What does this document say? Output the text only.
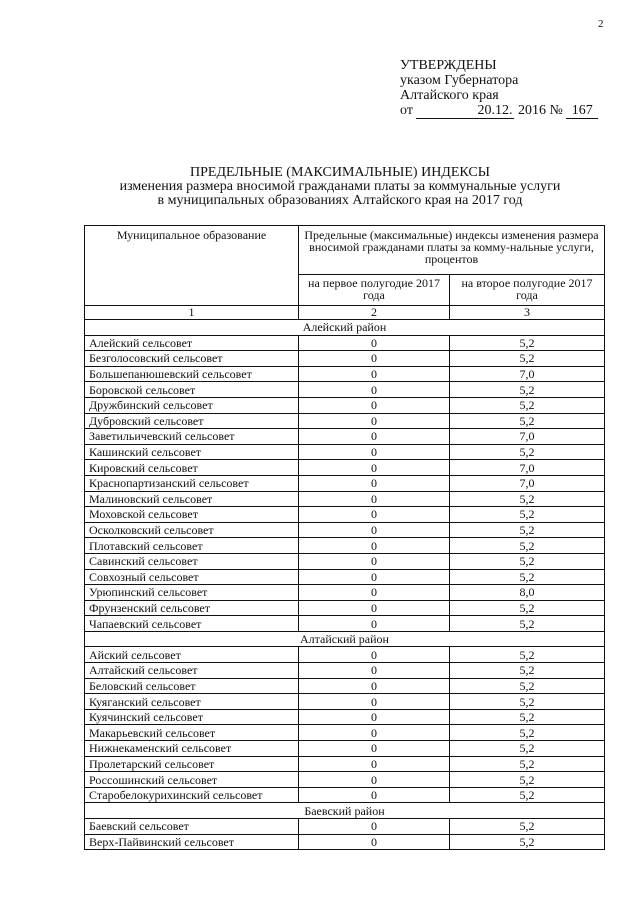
2
УТВЕРЖДЕНЫ
указом Губернатора
Алтайского края
от	20.12. 2016 № 167
ПРЕДЕЛЬНЫЕ (МАКСИМАЛЬНЫЕ) ИНДЕКСЫ
изменения размера вносимой гражданами платы за коммунальные услуги
в муниципальных образованиях Алтайского края на 2017 год
Муниципальное образование	Предельные (максимальные) индексы изменения размера вносимой гражданами платы за комму-нальные услуги, процентов	
	на первое полугодие 2017 года	на второе полугодие 2017 года
1	2	3
Алейский район		
Алейский сельсовет	0	5,2
Безголосовский сельсовет	0	5,2
Большепанюшевский сельсовет	0	7,0
Боровской сельсовет	0	5,2
Дружбинский сельсовет	0	5,2
Дубровский сельсовет	0	5,2
Заветильичевский сельсовет	0	7,0
Кашинский сельсовет	0	5,2
Кировский сельсовет	0	7,0
Краснопартизанский сельсовет	0	7,0
Малиновский сельсовет	0	5,2
Моховской сельсовет	0	5,2
Осколковский сельсовет	0	5,2
Плотавский сельсовет	0	5,2
Савинский сельсовет	0	5,2
Совхозный сельсовет	0	5,2
Урюпинский сельсовет	0	8,0
Фрунзенский сельсовет	0	5,2
Чапаевский сельсовет	0	5,2
Алтайский район		
Айский сельсовет	0	5,2
Алтайский сельсовет	0	5,2
Беловский сельсовет	0	5,2
Куяганский сельсовет	0	5,2
Куячинский сельсовет	0	5,2
Макарьевский сельсовет	0	5,2
Нижнекаменский сельсовет	0	5,2
Пролетарский сельсовет	0	5,2
Россошинский сельсовет	0	5,2
Старобелокурихинский сельсовет	0	5,2
Баевский район		
Баевский сельсовет	0	5,2
Верх-Пайвинский сельсовет	0	5,2
